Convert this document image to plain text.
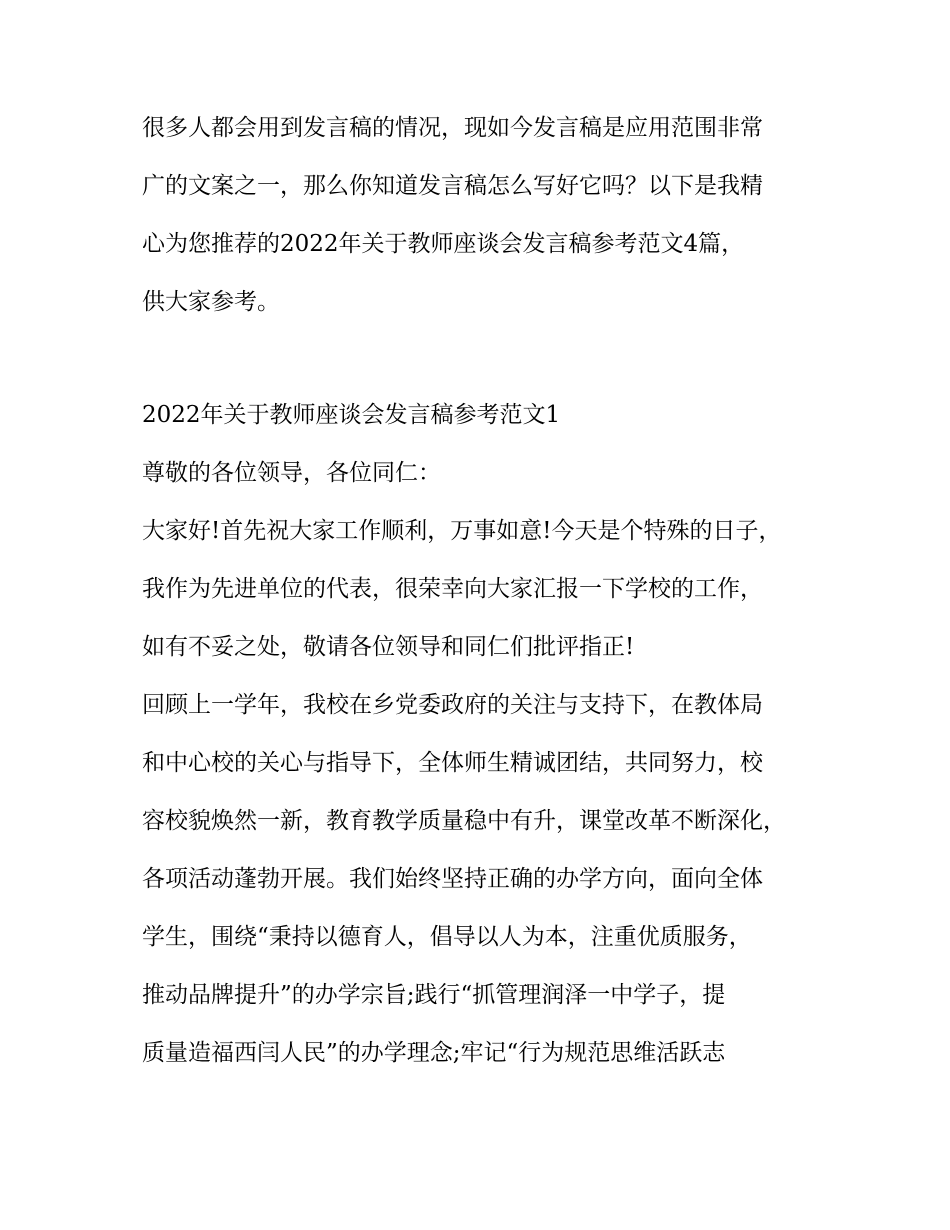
很多人都会用到发言稿的情况，现如今发言稿是应用范围非常
广的文案之一，那么你知道发言稿怎么写好它吗？以下是我精
心为您推荐的2022年关于教师座谈会发言稿参考范文4篇，
供大家参考。
2022年关于教师座谈会发言稿参考范文1
尊敬的各位领导，各位同仁：
大家好!首先祝大家工作顺利，万事如意!今天是个特殊的日子，
我作为先进单位的代表，很荣幸向大家汇报一下学校的工作，
如有不妥之处，敬请各位领导和同仁们批评指正!
回顾上一学年，我校在乡党委政府的关注与支持下，在教体局
和中心校的关心与指导下，全体师生精诚团结，共同努力，校
容校貌焕然一新，教育教学质量稳中有升，课堂改革不断深化，
各项活动蓬勃开展。我们始终坚持正确的办学方向，面向全体
学生，围绕“秉持以德育人，倡导以人为本，注重优质服务，
推动品牌提升”的办学宗旨;践行“抓管理润泽一中学子，提
质量造福西闫人民”的办学理念;牢记“行为规范思维活跃志
